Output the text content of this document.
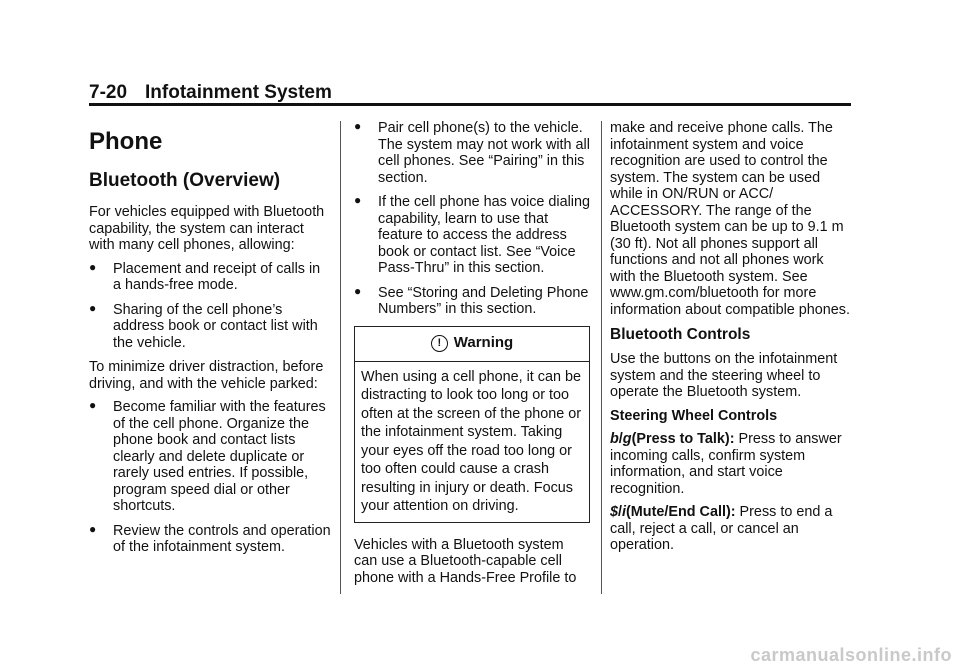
7-20 Infotainment System
Phone
Bluetooth (Overview)

For vehicles equipped with Bluetooth capability, the system can interact with many cell phones, allowing:

● Placement and receipt of calls in a hands-free mode.
● Sharing of the cell phone’s address book or contact list with the vehicle.

To minimize driver distraction, before driving, and with the vehicle parked:

● Become familiar with the features of the cell phone. Organize the phone book and contact lists clearly and delete duplicate or rarely used entries. If possible, program speed dial or other shortcuts.
● Review the controls and operation of the infotainment system.
● Pair cell phone(s) to the vehicle. The system may not work with all cell phones. See “Pairing” in this section.
● If the cell phone has voice dialing capability, learn to use that feature to access the address book or contact list. See “Voice Pass-Thru” in this section.
● See “Storing and Deleting Phone Numbers” in this section.
! Warning
When using a cell phone, it can be distracting to look too long or too often at the screen of the phone or the infotainment system. Taking your eyes off the road too long or too often could cause a crash resulting in injury or death. Focus your attention on driving.

Vehicles with a Bluetooth system can use a Bluetooth-capable cell phone with a Hands-Free Profile to

make and receive phone calls. The infotainment system and voice recognition are used to control the system. The system can be used while in ON/RUN or ACC/ ACCESSORY. The range of the Bluetooth system can be up to 9.1 m (30 ft). Not all phones support all functions and not all phones work with the Bluetooth system. See www.gm.com/bluetooth for more information about compatible phones.

Bluetooth Controls

Use the buttons on the infotainment system and the steering wheel to operate the Bluetooth system.

Steering Wheel Controls

b/g(Press to Talk): Press to answer incoming calls, confirm system information, and start voice recognition.

$/i(Mute/End Call): Press to end a call, reject a call, or cancel an operation.

carmanualsonline.info
